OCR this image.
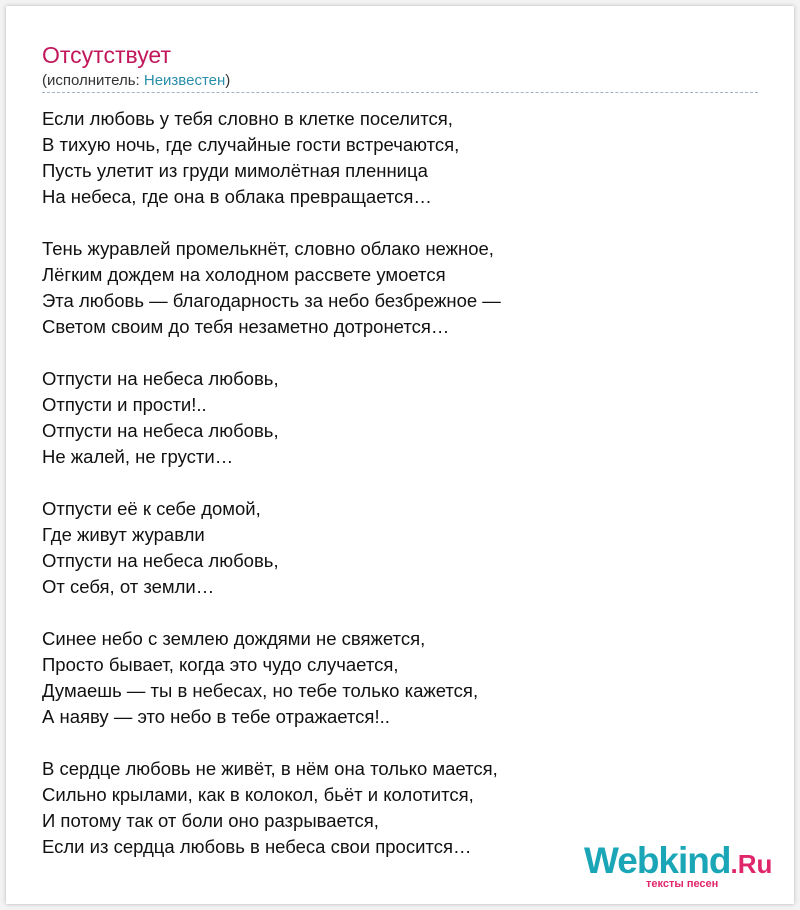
Отсутствует
(исполнитель: Неизвестен)
Если любовь у тебя словно в клетке поселится,
В тихую ночь, где случайные гости встречаются,
Пусть улетит из груди мимолётная пленница
На небеса, где она в облака превращается…
Тень журавлей промелькнёт, словно облако нежное,
Лёгким дождем на холодном рассвете умоется
Эта любовь — благодарность за небо безбрежное —
Светом своим до тебя незаметно дотронется…
Отпусти на небеса любовь,
Отпусти и прости!..
Отпусти на небеса любовь,
Не жалей, не грусти…
Отпусти её к себе домой,
Где живут журавли
Отпусти на небеса любовь,
От себя, от земли…
Синее небо с землею дождями не свяжется,
Просто бывает, когда это чудо случается,
Думаешь — ты в небесах, но тебе только кажется,
А наяву — это небо в тебе отражается!..
В сердце любовь не живёт, в нём она только мается,
Сильно крылами, как в колокол, бьёт и колотится,
И потому так от боли оно разрывается,
Если из сердца любовь в небеса свои просится…	Webkind.Ru
тексты песен
